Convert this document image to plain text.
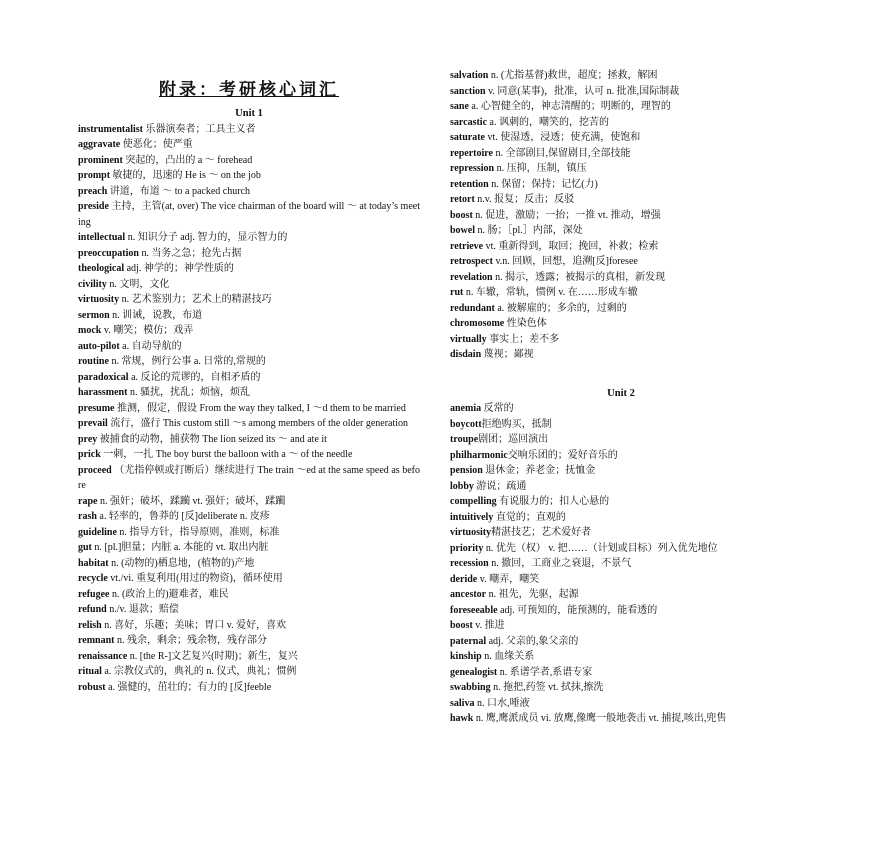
附录：考研核心词汇
Unit 1

instrumentalist 乐器演奏者；工具主义者

aggravate 使恶化；使严重

prominent 突起的，凸出的 a ～ forehead

prompt 敏捷的，迅速的 He is ～ on the job

preach 讲道，布道 ～ to a packed church

preside 主持，主管(at, over) The vice chairman of the board will ～ at today’s meeting

intellectual n. 知识分子 adj. 智力的，显示智力的

preoccupation n. 当务之急；抢先占据

theological adj. 神学的；神学性质的

civility n. 文明，文化

virtuosity n. 艺术鉴别力；艺术上的精湛技巧

sermon n. 训诫，说教，布道

mock v. 嘲笑；模仿；戏弄

auto-pilot a. 自动导航的

routine n. 常规，例行公事 a. 日常的,常规的

paradoxical a. 反论的荒谬的，自相矛盾的

harassment n. 骚扰，扰乱；烦恼，烦乱

presume 推测，假定，假设 From the way they talked, I ～d them to be married

prevail 流行，盛行 This custom still ～s among members of the older generation

prey 被捕食的动物，捕获物 The lion seized its ～ and ate it

prick 一刺，一扎 The boy burst the balloon with a ～ of the needle

proceed （尤指停顿或打断后）继续进行 The train ～ed at the same speed as before

rape n. 强奸；破坏，蹂躏 vt. 强奸；破坏，蹂躏

rash a. 轻率的，鲁莽的 [反]deliberate n. 皮疹

guideline n. 指导方针，指导原则，准则，标准

gut n. [pl.]胆量；内脏 a. 本能的 vt. 取出内脏

habitat n. (动物的)栖息地，(植物的)产地

recycle vt./vi. 重复利用(用过的物资)，循环使用

refugee n. (政治上的)避难者，难民

refund n./v. 退款；赔偿

relish n. 喜好，乐趣；美味；胃口 v. 爱好，喜欢

remnant n. 残余，剩余；残余物，残存部分

renaissance n. [the R-]文艺复兴(时期)；新生，复兴

ritual a. 宗教仪式的，典礼的 n. 仪式，典礼；惯例

robust a. 强健的，茁壮的；有力的 [反]feeble

salvation n. (尤指基督)救世，超度；拯救，解困

sanction v. 同意(某事)，批准，认可 n. 批准,国际制裁

sane a. 心智健全的，神志清醒的；明断的，理智的

sarcastic a. 讽刺的，嘲笑的，挖苦的

saturate vt. 使湿透，浸透；使充满，使饱和

repertoire n. 全部剧目,保留剧目,全部技能

repression n. 压抑，压制，镇压

retention n. 保留；保持；记忆(力)

retort n.v. 报复；反击；反驳

boost n. 促进，激励；一抬；一推 vt. 推动，增强

bowel n. 肠；［pl.］内部，深处

retrieve vt. 重新得到，取回；挽回，补救；检索

retrospect v.n. 回顾，回想，追溯[反]foresee

revelation n. 揭示，透露；被揭示的真相，新发现

rut n. 车辙，常轨，惯例 v. 在……形成车辙

redundant a. 被解雇的；多余的，过剩的

chromosome 性染色体

virtually 事实上；差不多

disdain 蔑视；鄙视

Unit 2

anemia 反常的

boycott拒绝购买，抵制

troupe剧团；巡回演出

philharmonic交响乐团的；爱好音乐的

pension 退休金；养老金；抚恤金

lobby 游说；疏通

compelling 有说服力的；扣人心悬的

intuitively 直觉的；直观的

virtuosity精湛技艺；艺术爱好者

priority n. 优先（权） v. 把……（计划或目标）列入优先地位

recession n. 撤回，工商业之衰退，不景气

deride v. 嘲弄，嘲笑

ancestor n. 祖先，先驱，起源

foreseeable adj. 可预知的，能预测的，能看透的

boost v. 推进

paternal adj. 父亲的,象父亲的

kinship n. 血缘关系

genealogist n. 系谱学者,系谱专家

swabbing n. 拖把,药签 vt. 拭抹,擦洗

saliva n. 口水,唾液

hawk n. 鹰,鹰派成员 vi. 放鹰,像鹰一般地袭击 vt. 捕捉,咳出,兜售
